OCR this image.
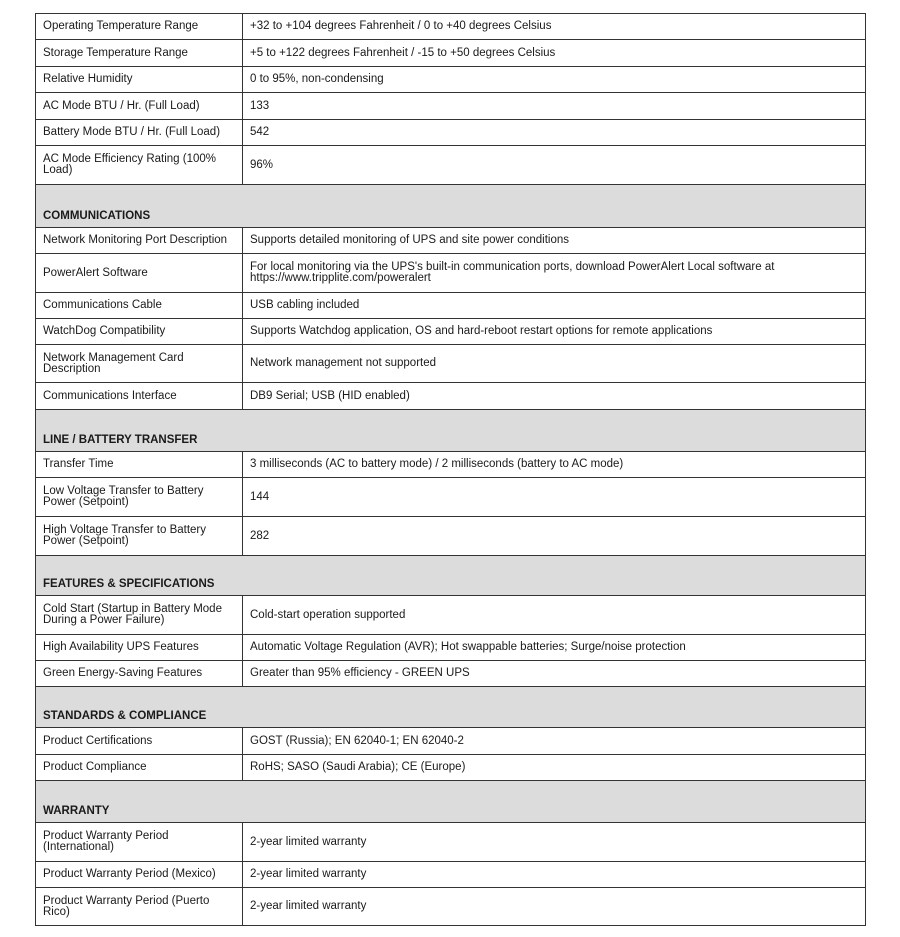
Operating Temperature Range	+32 to +104 degrees Fahrenheit / 0 to +40 degrees Celsius
Storage Temperature Range	+5 to +122 degrees Fahrenheit / -15 to +50 degrees Celsius
Relative Humidity	0 to 95%, non-condensing
AC Mode BTU / Hr. (Full Load)	133
Battery Mode BTU / Hr. (Full Load)	542
AC Mode Efficiency Rating (100% Load)	96%
COMMUNICATIONS	
Network Monitoring Port Description	Supports detailed monitoring of UPS and site power conditions
PowerAlert Software	For local monitoring via the UPS's built-in communication ports, download PowerAlert Local software at https://www.tripplite.com/poweralert
Communications Cable	USB cabling included
WatchDog Compatibility	Supports Watchdog application, OS and hard-reboot restart options for remote applications
Network Management Card Description	Network management not supported
Communications Interface	DB9 Serial; USB (HID enabled)
LINE / BATTERY TRANSFER	
Transfer Time	3 milliseconds (AC to battery mode) / 2 milliseconds (battery to AC mode)
Low Voltage Transfer to Battery Power (Setpoint)	144
High Voltage Transfer to Battery Power (Setpoint)	282
FEATURES & SPECIFICATIONS	
Cold Start (Startup in Battery Mode During a Power Failure)	Cold-start operation supported
High Availability UPS Features	Automatic Voltage Regulation (AVR); Hot swappable batteries; Surge/noise protection
Green Energy-Saving Features	Greater than 95% efficiency - GREEN UPS
STANDARDS & COMPLIANCE	
Product Certifications	GOST (Russia); EN 62040-1; EN 62040-2
Product Compliance	RoHS; SASO (Saudi Arabia); CE (Europe)
WARRANTY	
Product Warranty Period (International)	2-year limited warranty
Product Warranty Period (Mexico)	2-year limited warranty
Product Warranty Period (Puerto Rico)	2-year limited warranty
